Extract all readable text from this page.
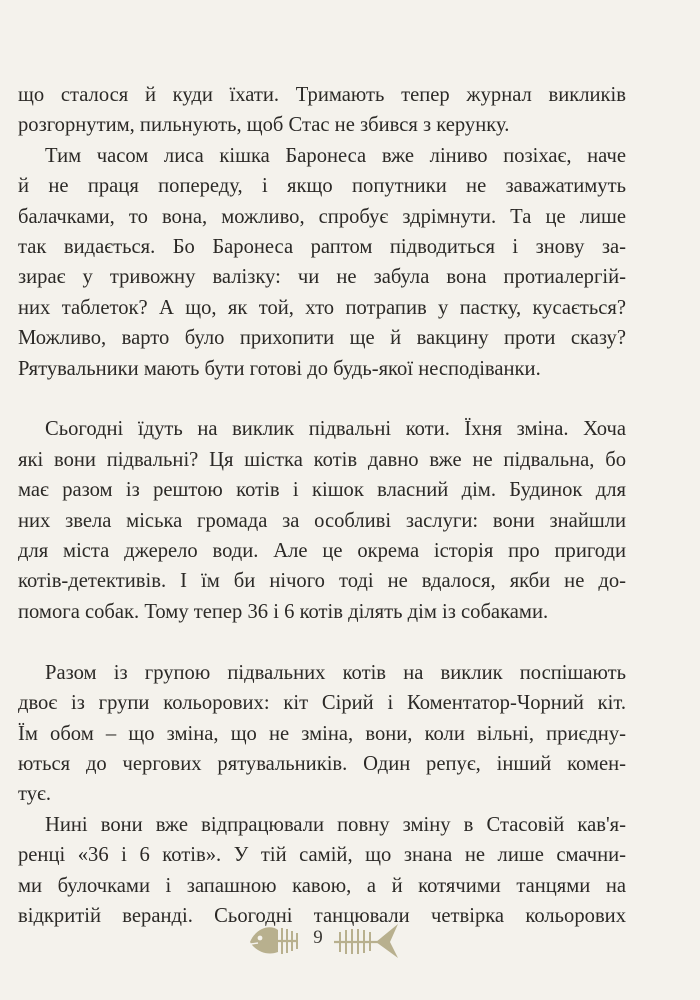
що сталося й куди їхати. Тримають тепер журнал викликів
розгорнутим, пильнують, щоб Стас не збився з керунку.
Тим часом лиса кішка Баронеса вже ліниво позіхає, наче
й не праця попереду, і якщо попутники не заважатимуть
балачками, то вона, можливо, спробує здрімнути. Та це лише
так видається. Бо Баронеса раптом підводиться і знову за-
зирає у тривожну валізку: чи не забула вона протиалергій-
них таблеток? А що, як той, хто потрапив у пастку, кусається?
Можливо, варто було прихопити ще й вакцину проти сказу?
Рятувальники мають бути готові до будь-якої несподіванки.
Сьогодні їдуть на виклик підвальні коти. Їхня зміна. Хоча
які вони підвальні? Ця шістка котів давно вже не підвальна, бо
має разом із рештою котів і кішок власний дім. Будинок для
них звела міська громада за особливі заслуги: вони знайшли
для міста джерело води. Але це окрема історія про пригоди
котів-детективів. І їм би нічого тоді не вдалося, якби не до-
помога собак. Тому тепер 36 і 6 котів ділять дім із собаками.
Разом із групою підвальних котів на виклик поспішають
двоє із групи кольорових: кіт Сірий і Коментатор-Чорний кіт.
Їм обом – що зміна, що не зміна, вони, коли вільні, приєдну-
ються до чергових рятувальників. Один репує, інший комен-
тує.
Нині вони вже відпрацювали повну зміну в Стасовій кав'я-
ренці «36 і 6 котів». У тій самій, що знана не лише смачни-
ми булочками і запашною кавою, а й котячими танцями на
відкритій веранді. Сьогодні танцювали четвірка кольорових
9
